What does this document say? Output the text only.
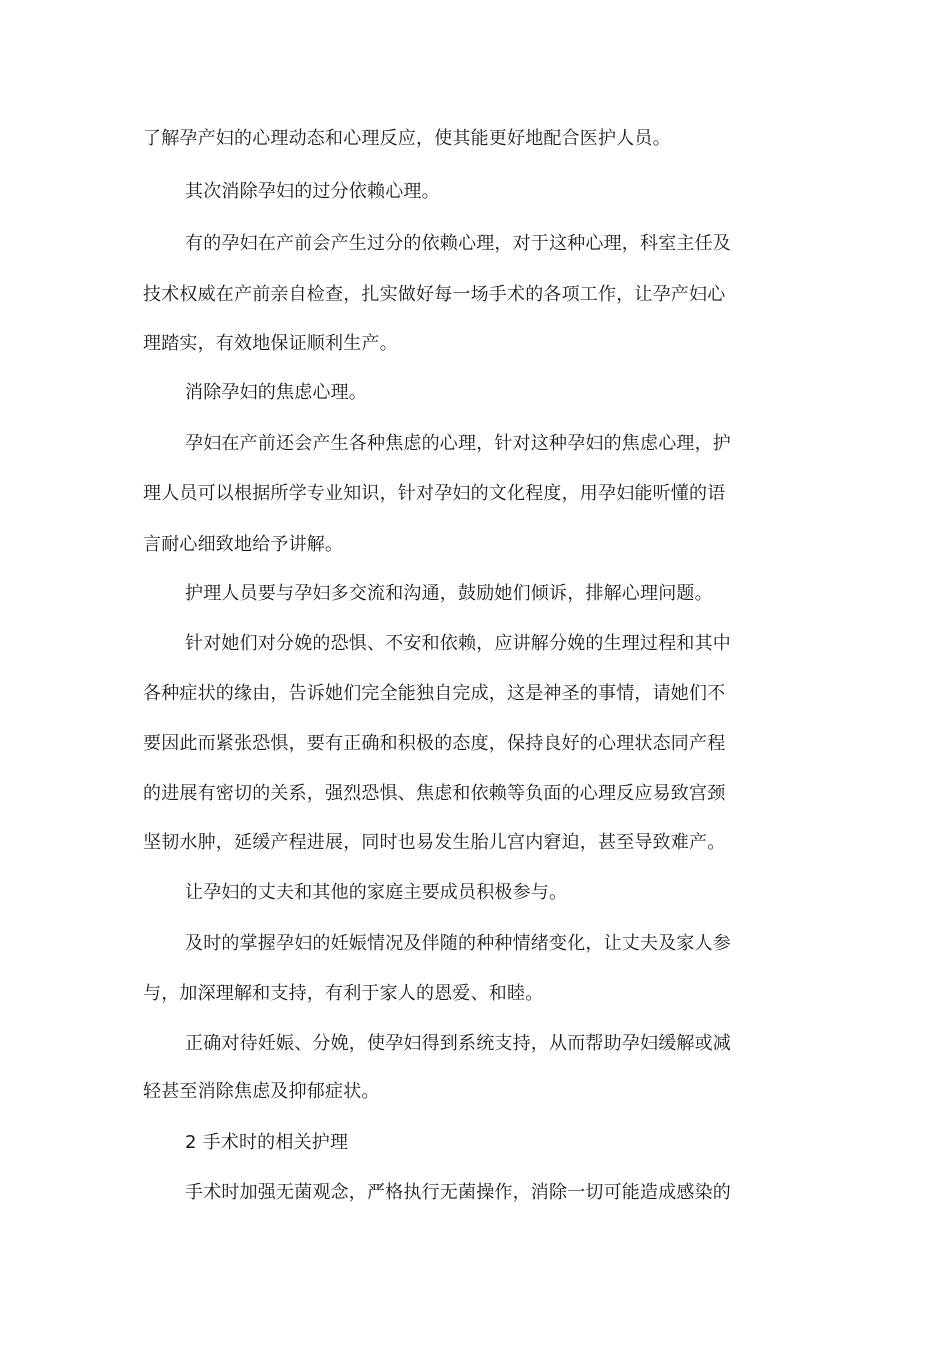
了解孕产妇的心理动态和心理反应，使其能更好地配合医护人员。
其次消除孕妇的过分依赖心理。
有的孕妇在产前会产生过分的依赖心理，对于这种心理，科室主任及
技术权威在产前亲自检查，扎实做好每一场手术的各项工作，让孕产妇心
理踏实，有效地保证顺利生产。
消除孕妇的焦虑心理。
孕妇在产前还会产生各种焦虑的心理，针对这种孕妇的焦虑心理，护
理人员可以根据所学专业知识，针对孕妇的文化程度，用孕妇能听懂的语
言耐心细致地给予讲解。
护理人员要与孕妇多交流和沟通，鼓励她们倾诉，排解心理问题。
针对她们对分娩的恐惧、不安和依赖，应讲解分娩的生理过程和其中
各种症状的缘由，告诉她们完全能独自完成，这是神圣的事情，请她们不
要因此而紧张恐惧，要有正确和积极的态度，保持良好的心理状态同产程
的进展有密切的关系，强烈恐惧、焦虑和依赖等负面的心理反应易致宫颈
坚韧水肿，延缓产程进展，同时也易发生胎儿宫内窘迫，甚至导致难产。
让孕妇的丈夫和其他的家庭主要成员积极参与。
及时的掌握孕妇的妊娠情况及伴随的种种情绪变化，让丈夫及家人参
与，加深理解和支持，有利于家人的恩爱、和睦。
正确对待妊娠、分娩，使孕妇得到系统支持，从而帮助孕妇缓解或减
轻甚至消除焦虑及抑郁症状。
2 手术时的相关护理
手术时加强无菌观念，严格执行无菌操作，消除一切可能造成感染的
